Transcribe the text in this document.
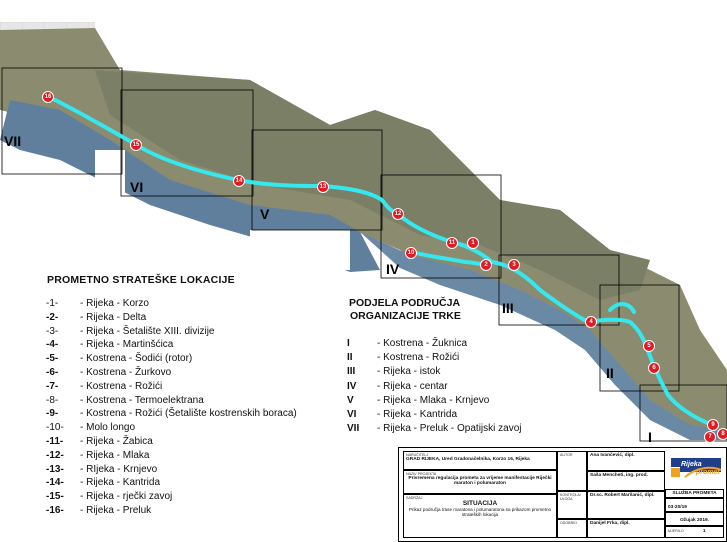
VII
VI
V
IV
III
II
I
16
15
14
13
12
11
10
1
2	3
4
5
6
9
7	8
PROMETNO STRATEŠKE LOKACIJE
-1- - Rijeka - Korzo
-2- - Rijeka - Delta
-3- - Rijeka - Šetalište XIII. divizije
-4- - Rijeka - Martinšćica
-5- - Kostrena - Šodići (rotor)
-6- - Kostrena - Žurkovo
-7- - Kostrena - Rožići
-8- - Kostrena - Termoelektrana
-9- - Kostrena - Rožići (Šetalište kostrenskih boraca)
-10- - Molo longo
-11- - Rijeka - Žabica
-12- - Rijeka - Mlaka
-13- - RIjeka - Krnjevo
-14- - Rijeka - Kantrida
-15- - Rijeka - rječki zavoj
-16- - Rijeka - Preluk
PODJELA PODRUČJA
ORGANIZACIJE TRKE
I	- Kostrena - Žuknica
II - Kostrena - Rožići
III - Rijeka - istok
IV - Rijeka - centar
V - Rijeka - Mlaka - Krnjevo
VI - Rijeka - Kantrida
VII - Rijeka - Preluk - Opatijski zavoj
NARUČITELJ
GRAD RIJEKA, Ured Gradonačelnika, Korzo 16, Rijeka
NAZIV PROJEKTA
Privremena regulacija prometa za vrijeme manifestacije Riječki maraton i polumaraton
SADRŽAJ
SITUACIJA
Prikaz područja trase maratona i polumaratona sa prikazom prometno strateških lokacija
AUTOR	Ana Ivančević, dipl.
Saša Mencheti, ing. prod.
KONTROLA/ ULOGA
Dr.sc. Robert Maršanić, dipl.
ODOBRIO	Danijel Frka, dipl.
SLUŽBA PROMETA
03-20/19
Ožujak 2019.
MJERILO	1
Rijeka
promet
